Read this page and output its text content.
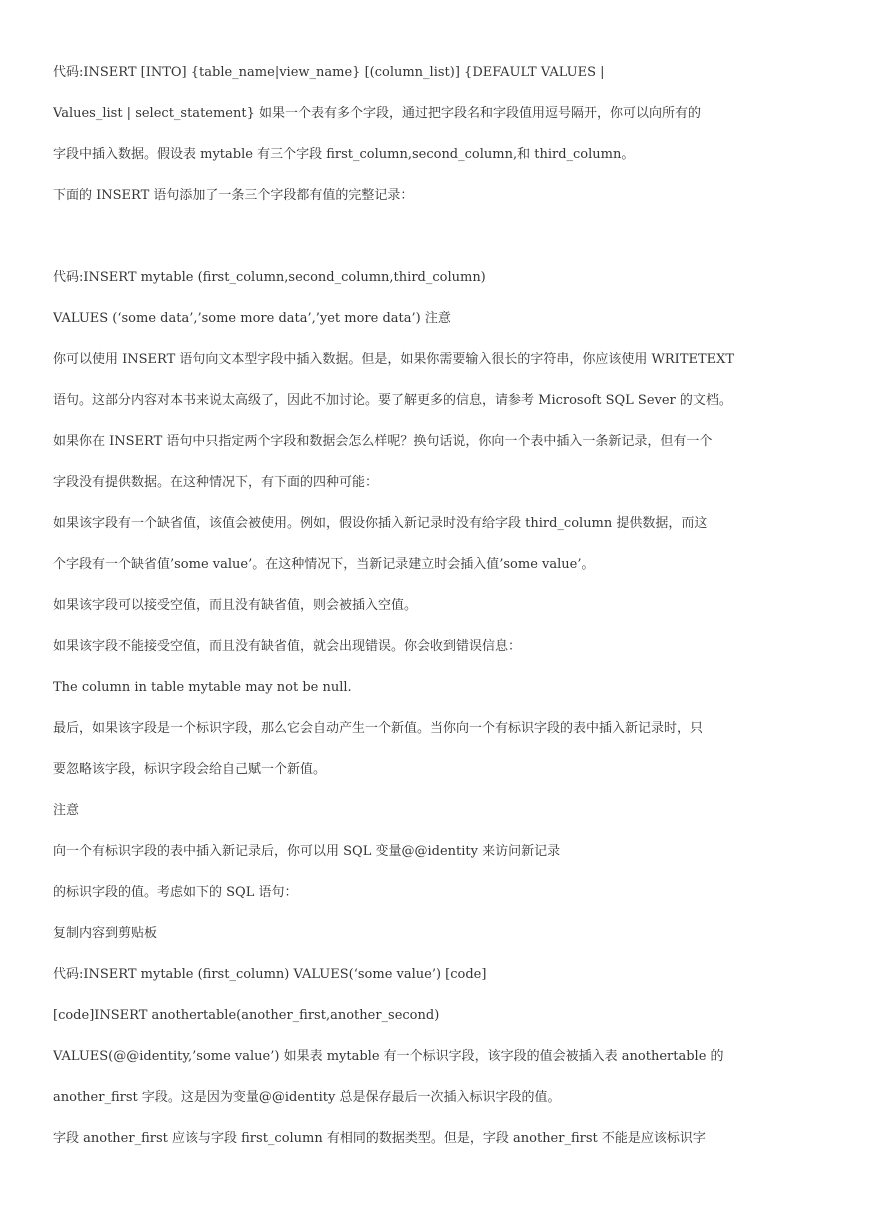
代码:INSERT [INTO] {table_name|view_name} [(column_list)] {DEFAULT VALUES |
Values_list | select_statement} 如果一个表有多个字段，通过把字段名和字段值用逗号隔开，你可以向所有的
字段中插入数据。假设表 mytable 有三个字段 first_column,second_column,和 third_column。
下面的 INSERT 语句添加了一条三个字段都有值的完整记录：
代码:INSERT mytable (first_column,second_column,third_column)
VALUES (‘some data’,’some more data’,’yet more data’) 注意
你可以使用 INSERT 语句向文本型字段中插入数据。但是，如果你需要输入很长的字符串，你应该使用 WRITETEXT
语句。这部分内容对本书来说太高级了，因此不加讨论。要了解更多的信息，请参考 Microsoft SQL Sever 的文档。
如果你在 INSERT 语句中只指定两个字段和数据会怎么样呢？换句话说，你向一个表中插入一条新记录，但有一个
字段没有提供数据。在这种情况下，有下面的四种可能：
如果该字段有一个缺省值，该值会被使用。例如，假设你插入新记录时没有给字段 third_column 提供数据，而这
个字段有一个缺省值’some value’。在这种情况下，当新记录建立时会插入值’some value’。
如果该字段可以接受空值，而且没有缺省值，则会被插入空值。
如果该字段不能接受空值，而且没有缺省值，就会出现错误。你会收到错误信息：
The column in table mytable may not be null.
最后，如果该字段是一个标识字段，那么它会自动产生一个新值。当你向一个有标识字段的表中插入新记录时，只
要忽略该字段，标识字段会给自己赋一个新值。
注意
向一个有标识字段的表中插入新记录后，你可以用 SQL 变量@@identity 来访问新记录
的标识字段的值。考虑如下的 SQL 语句：
复制内容到剪贴板
代码:INSERT mytable (first_column) VALUES(‘some value’) [code]
[code]INSERT anothertable(another_first,another_second)
VALUES(@@identity,’some value’) 如果表 mytable 有一个标识字段，该字段的值会被插入表 anothertable 的
another_first 字段。这是因为变量@@identity 总是保存最后一次插入标识字段的值。
字段 another_first 应该与字段 first_column 有相同的数据类型。但是，字段 another_first 不能是应该标识字
